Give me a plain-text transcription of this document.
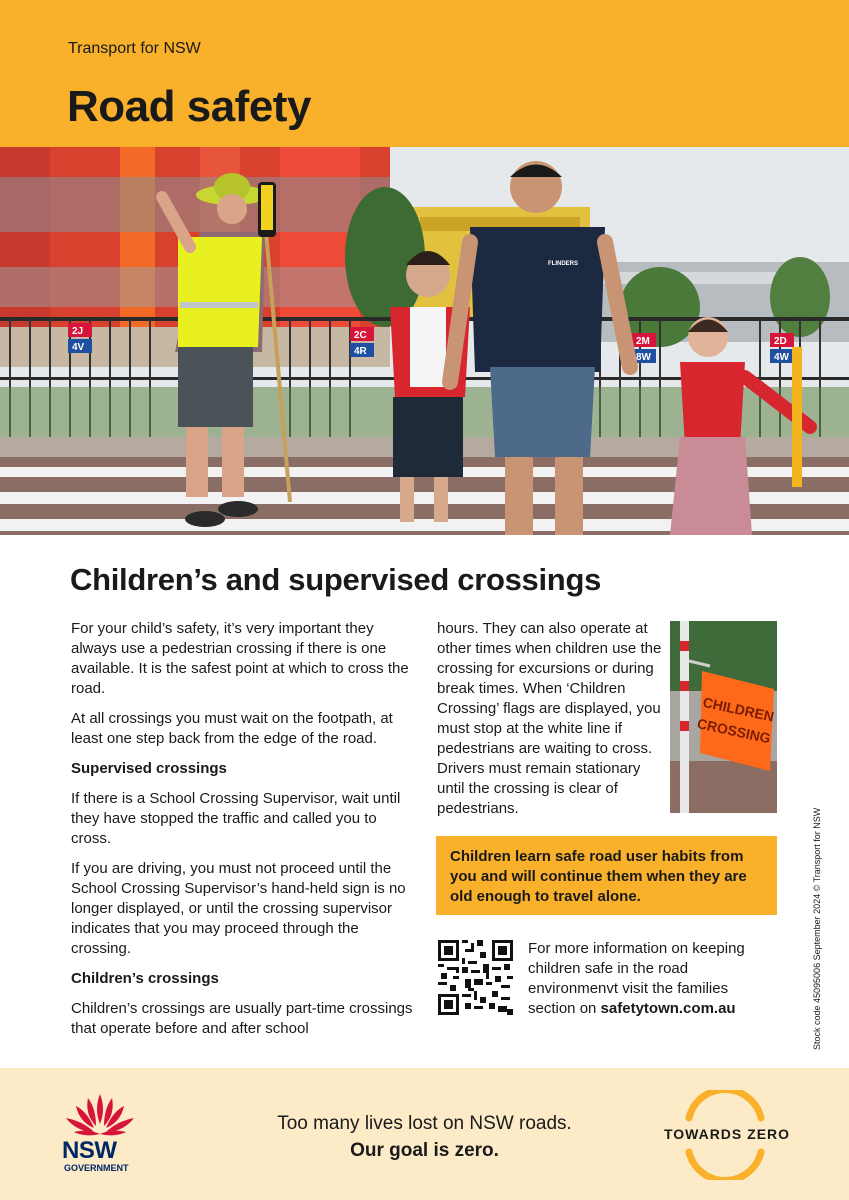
Transport for NSW
Road safety
2J
4V
2C
4R
2M
8W
2D
4W
FLINDERS
Children’s and supervised crossings

For your child’s safety, it’s very important they always use a pedestrian crossing if there is one available. It is the safest point at which to cross the road.

At all crossings you must wait on the footpath, at least one step back from the edge of the road.

Supervised crossings

If there is a School Crossing Supervisor, wait until they have stopped the traffic and called you to cross.

If you are driving, you must not proceed until the School Crossing Supervisor’s hand-held sign is no longer displayed, or until the crossing supervisor indicates that you may proceed through the crossing.

Children’s crossings

Children’s crossings are usually part-time crossings that operate before and after school

hours. They can also operate at other times when children use the crossing for excursions or during break times. When ‘Children Crossing’ flags are displayed, you must stop at the white line if pedestrians are waiting to cross. Drivers must remain stationary until the crossing is clear of pedestrians.

CHILDREN
CROSSING
Children learn safe road user habits from you and will continue them when they are old enough to travel alone.
For more information on keeping children safe in the road environmenvt visit the families section on safetytown.com.au	Stock code 45095006 September 2024 © Transport for NSW
NSW
GOVERNMENT
Too many lives lost on NSW roads.
Our goal is zero.
TOWARDS ZERO
